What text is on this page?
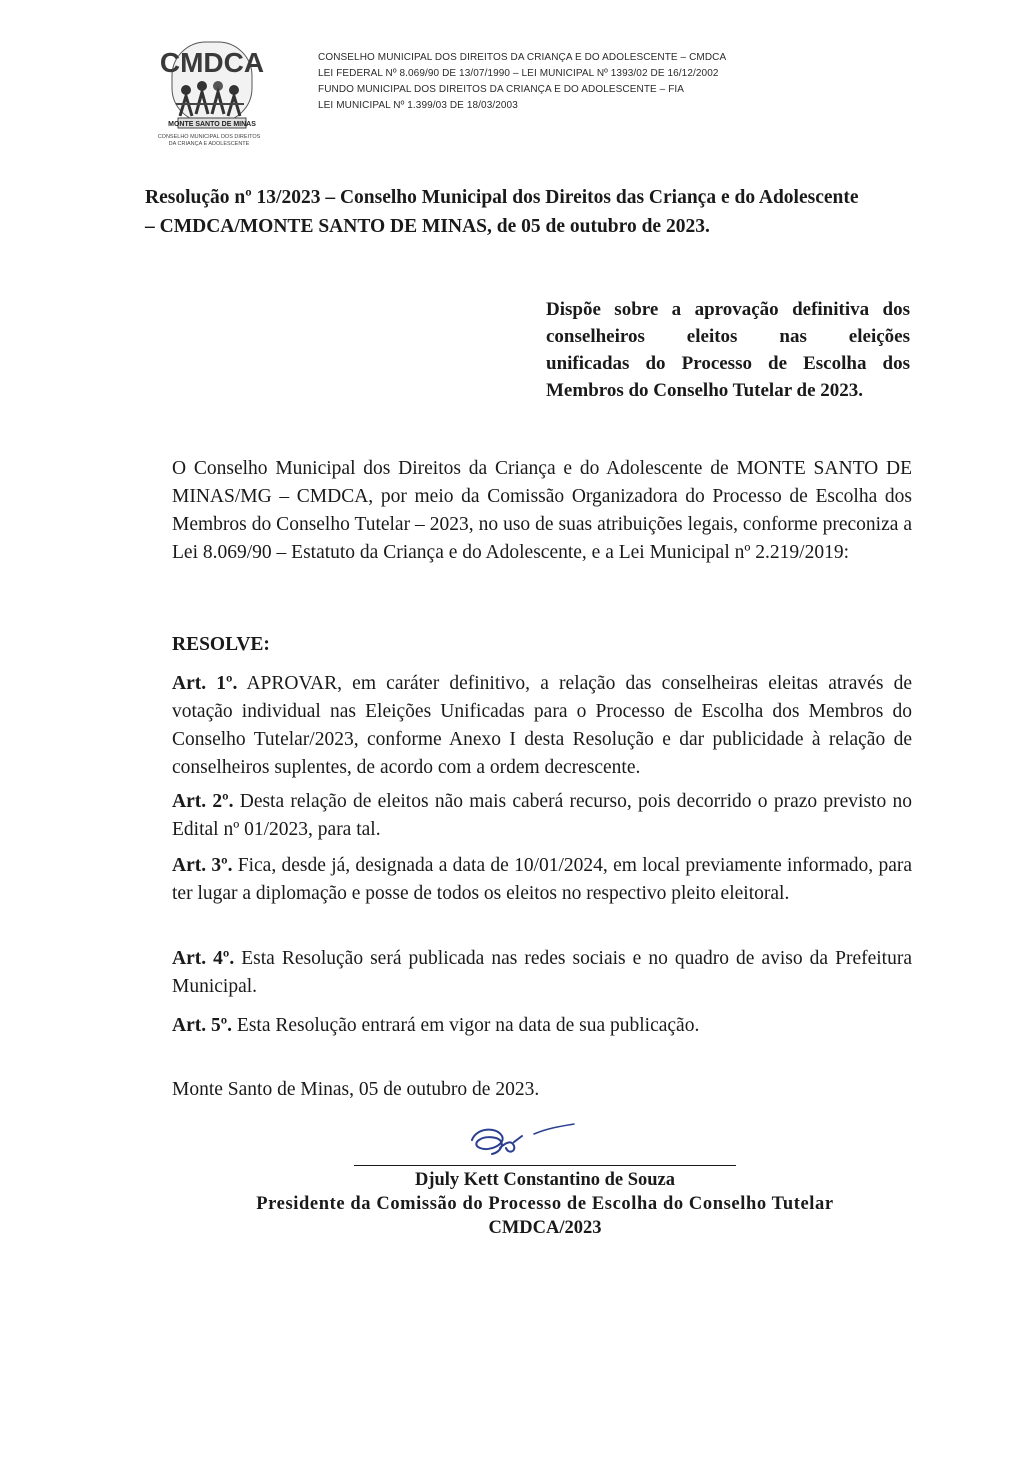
CMDCA
MONTE SANTO DE MINAS
CONSELHO MUNICIPAL DOS DIREITOS
DA CRIANÇA E ADOLESCENTE
CONSELHO MUNICIPAL DOS DIREITOS DA CRIANÇA E DO ADOLESCENTE – CMDCA
LEI FEDERAL Nº 8.069/90 DE 13/07/1990 – LEI MUNICIPAL Nº 1393/02 DE 16/12/2002
FUNDO MUNICIPAL DOS DIREITOS DA CRIANÇA E DO ADOLESCENTE – FIA
LEI MUNICIPAL Nº 1.399/03 DE 18/03/2003
Resolução nº 13/2023 – Conselho Municipal dos Direitos das Criança e do Adolescente
– CMDCA/MONTE SANTO DE MINAS, de 05 de outubro de 2023.
Dispõe sobre a aprovação definitiva dos
conselheiros eleitos nas eleições
unificadas do Processo de Escolha dos
Membros do Conselho Tutelar de 2023.
O Conselho Municipal dos Direitos da Criança e do Adolescente de MONTE SANTO DE MINAS/MG – CMDCA, por meio da Comissão Organizadora do Processo de Escolha dos Membros do Conselho Tutelar – 2023, no uso de suas atribuições legais, conforme preconiza a Lei 8.069/90 – Estatuto da Criança e do Adolescente, e a Lei Municipal nº 2.219/2019:
RESOLVE:
Art. 1º. APROVAR, em caráter definitivo, a relação das conselheiras eleitas através de votação individual nas Eleições Unificadas para o Processo de Escolha dos Membros do Conselho Tutelar/2023, conforme Anexo I desta Resolução e dar publicidade à relação de conselheiros suplentes, de acordo com a ordem decrescente.
Art. 2º. Desta relação de eleitos não mais caberá recurso, pois decorrido o prazo previsto no Edital nº 01/2023, para tal.
Art. 3º. Fica, desde já, designada a data de 10/01/2024, em local previamente informado, para ter lugar a diplomação e posse de todos os eleitos no respectivo pleito eleitoral.
Art. 4º. Esta Resolução será publicada nas redes sociais e no quadro de aviso da Prefeitura Municipal.
Art. 5º. Esta Resolução entrará em vigor na data de sua publicação.
Monte Santo de Minas, 05 de outubro de 2023.
Djuly Kett Constantino de Souza
Presidente da Comissão do Processo de Escolha do Conselho Tutelar
CMDCA/2023
